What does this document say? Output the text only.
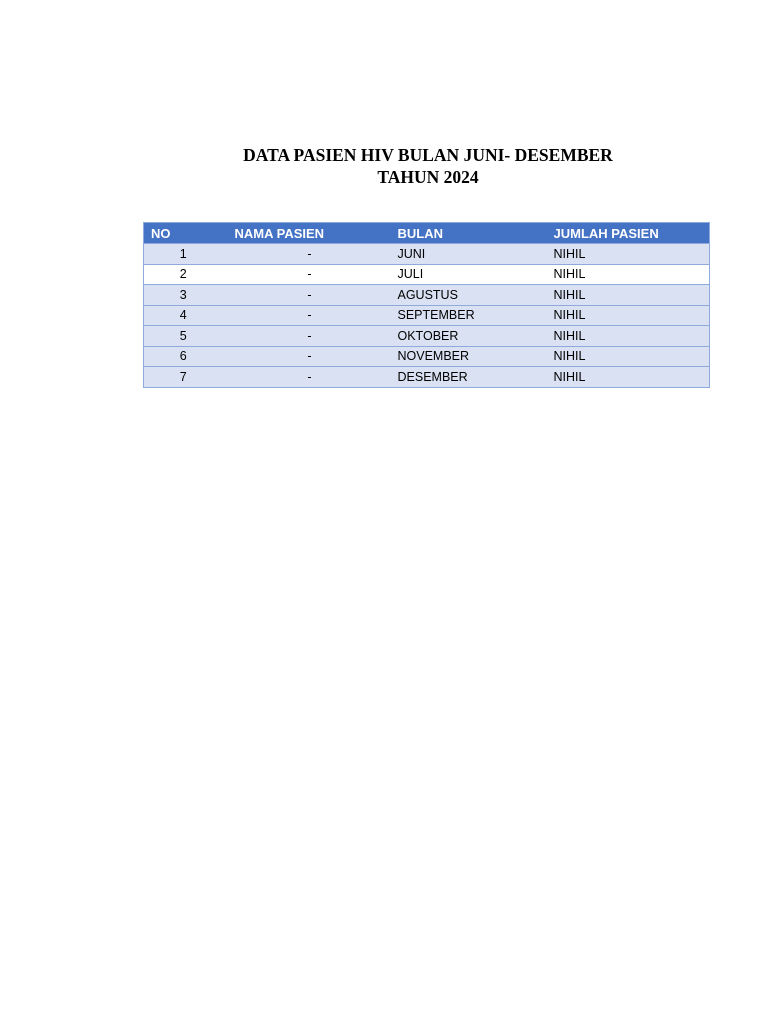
DATA PASIEN HIV BULAN JUNI- DESEMBER
TAHUN 2024
NO	NAMA PASIEN	BULAN	JUMLAH PASIEN
1	-	JUNI	NIHIL
2	-	JULI	NIHIL
3	-	AGUSTUS	NIHIL
4	-	SEPTEMBER	NIHIL
5	-	OKTOBER	NIHIL
6	-	NOVEMBER	NIHIL
7	-	DESEMBER	NIHIL
